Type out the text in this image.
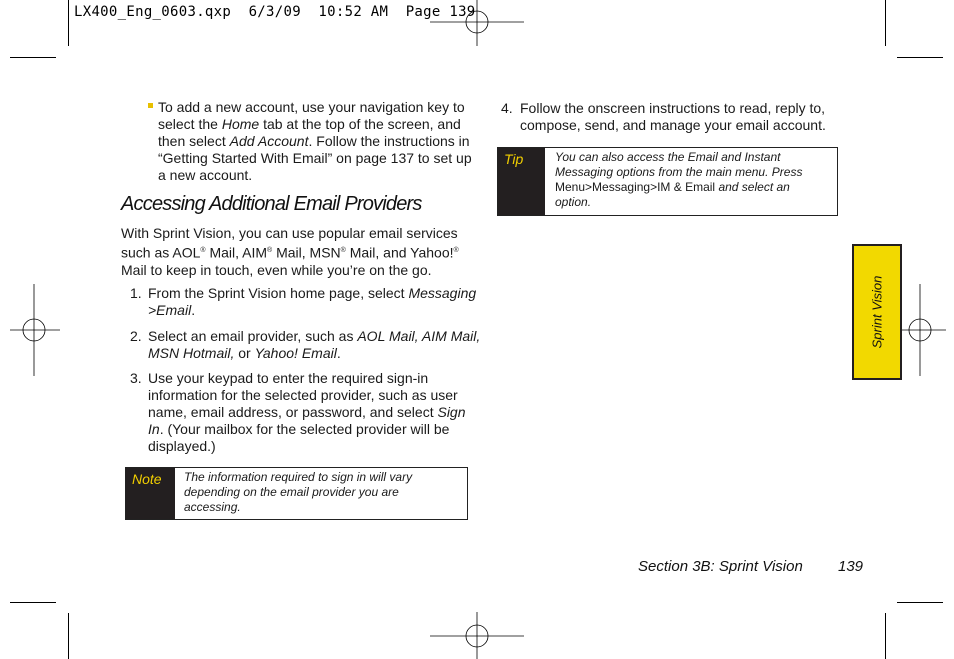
LX400_Eng_0603.qxp  6/3/09  10:52 AM  Page 139
To add a new account, use your navigation key to
select the Home tab at the top of the screen, and
then select Add Account. Follow the instructions in
“Getting Started With Email” on page 137 to set up
a new account.
Accessing Additional Email Providers
With Sprint Vision, you can use popular email services
such as AOL® Mail, AIM® Mail, MSN® Mail, and Yahoo!®
Mail to keep in touch, even while you’re on the go.
1. From the Sprint Vision home page, select Messaging
>Email.
2. Select an email provider, such as AOL Mail, AIM Mail,
MSN Hotmail, or Yahoo! Email.
3. Use your keypad to enter the required sign-in
information for the selected provider, such as user
name, email address, or password, and select Sign
In. (Your mailbox for the selected provider will be
displayed.)
Note	The information required to sign in will vary
depending on the email provider you are
accessing.
4. Follow the onscreen instructions to read, reply to,
compose, send, and manage your email account.
Tip	You can also access the Email and Instant
Messaging options from the main menu. Press
Menu>Messaging>IM & Email and select an
option.
Sprint Vision
Section 3B: Sprint Vision 139
